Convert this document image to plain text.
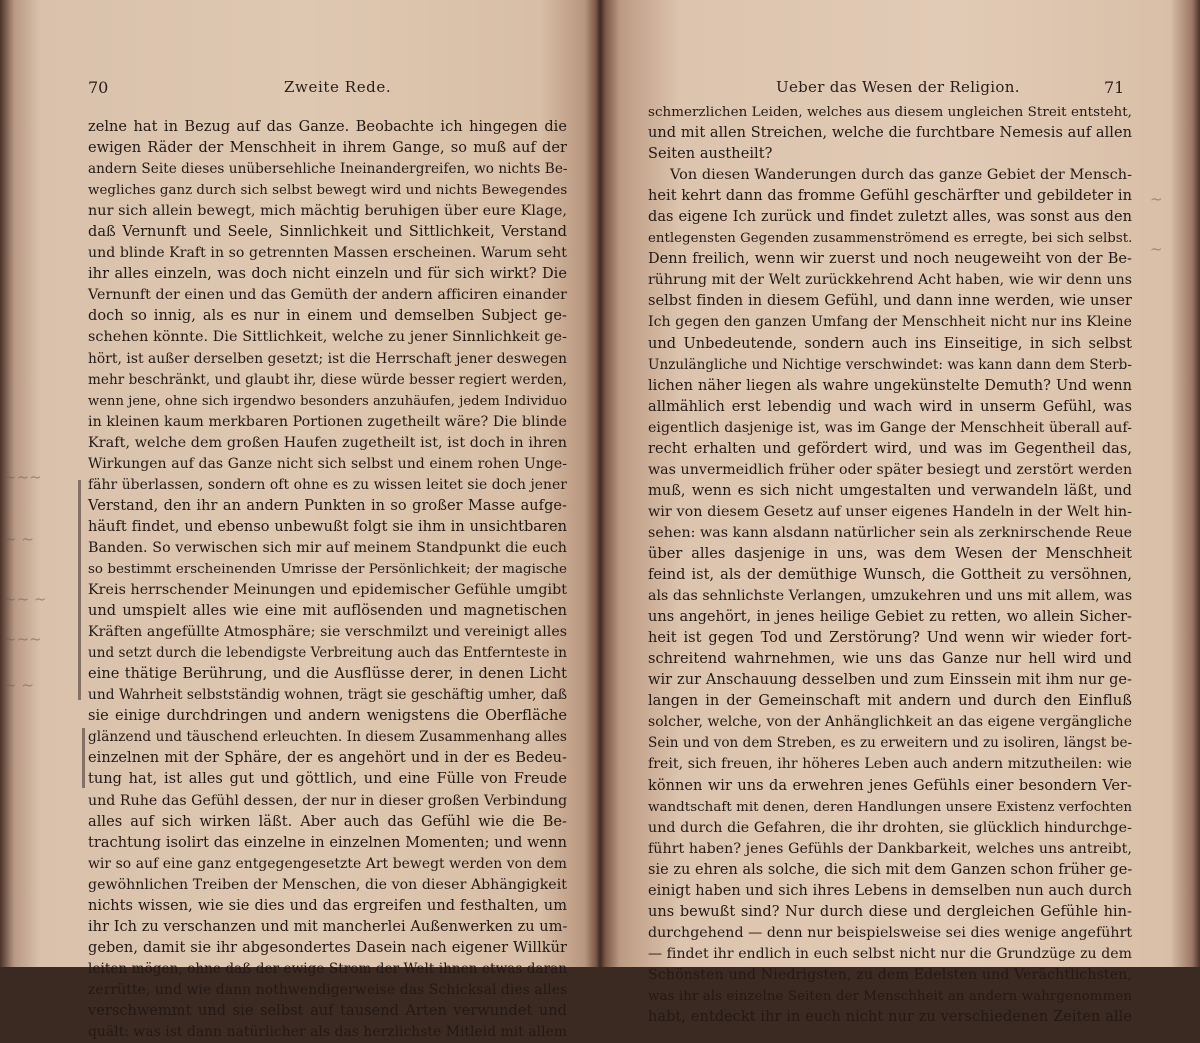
70	Zweite Rede.
zelne hat in Bezug auf das Ganze. Beobachte ich hingegen die
ewigen Räder der Menschheit in ihrem Gange, so muß auf der
andern Seite dieses unübersehliche Ineinandergreifen, wo nichts Be-
wegliches ganz durch sich selbst bewegt wird und nichts Bewegendes
nur sich allein bewegt, mich mächtig beruhigen über eure Klage,
daß Vernunft und Seele, Sinnlichkeit und Sittlichkeit, Verstand
und blinde Kraft in so getrennten Massen erscheinen. Warum seht
ihr alles einzeln, was doch nicht einzeln und für sich wirkt? Die
Vernunft der einen und das Gemüth der andern afficiren einander
doch so innig, als es nur in einem und demselben Subject ge-
schehen könnte. Die Sittlichkeit, welche zu jener Sinnlichkeit ge-
hört, ist außer derselben gesetzt; ist die Herrschaft jener deswegen
mehr beschränkt, und glaubt ihr, diese würde besser regiert werden,
wenn jene, ohne sich irgendwo besonders anzuhäufen, jedem Individuo
in kleinen kaum merkbaren Portionen zugetheilt wäre? Die blinde
Kraft, welche dem großen Haufen zugetheilt ist, ist doch in ihren
Wirkungen auf das Ganze nicht sich selbst und einem rohen Unge-
fähr überlassen, sondern oft ohne es zu wissen leitet sie doch jener
Verstand, den ihr an andern Punkten in so großer Masse aufge-
häuft findet, und ebenso unbewußt folgt sie ihm in unsichtbaren
Banden. So verwischen sich mir auf meinem Standpunkt die euch
so bestimmt erscheinenden Umrisse der Persönlichkeit; der magische
Kreis herrschender Meinungen und epidemischer Gefühle umgibt
und umspielt alles wie eine mit auflösenden und magnetischen
Kräften angefüllte Atmosphäre; sie verschmilzt und vereinigt alles
und setzt durch die lebendigste Verbreitung auch das Entfernteste in
eine thätige Berührung, und die Ausflüsse derer, in denen Licht
und Wahrheit selbstständig wohnen, trägt sie geschäftig umher, daß
sie einige durchdringen und andern wenigstens die Oberfläche
glänzend und täuschend erleuchten. In diesem Zusammenhang alles
einzelnen mit der Sphäre, der es angehört und in der es Bedeu-
tung hat, ist alles gut und göttlich, und eine Fülle von Freude
und Ruhe das Gefühl dessen, der nur in dieser großen Verbindung
alles auf sich wirken läßt. Aber auch das Gefühl wie die Be-
trachtung isolirt das einzelne in einzelnen Momenten; und wenn
wir so auf eine ganz entgegengesetzte Art bewegt werden von dem
gewöhnlichen Treiben der Menschen, die von dieser Abhängigkeit
nichts wissen, wie sie dies und das ergreifen und festhalten, um
ihr Ich zu verschanzen und mit mancherlei Außenwerken zu um-
geben, damit sie ihr abgesondertes Dasein nach eigener Willkür
leiten mögen, ohne daß der ewige Strom der Welt ihnen etwas daran
zerrütte, und wie dann nothwendigerweise das Schicksal dies alles
verschwemmt und sie selbst auf tausend Arten verwundet und
quält: was ist dann natürlicher als das herzlichste Mitleid mit allem
~~~
~ ~
~~ ~
~~~
~ ~
Ueber das Wesen der Religion.	71
schmerzlichen Leiden, welches aus diesem ungleichen Streit entsteht,
und mit allen Streichen, welche die furchtbare Nemesis auf allen
Seiten austheilt?
Von diesen Wanderungen durch das ganze Gebiet der Mensch-
heit kehrt dann das fromme Gefühl geschärfter und gebildeter in
das eigene Ich zurück und findet zuletzt alles, was sonst aus den
entlegensten Gegenden zusammenströmend es erregte, bei sich selbst.
Denn freilich, wenn wir zuerst und noch neugeweiht von der Be-
rührung mit der Welt zurückkehrend Acht haben, wie wir denn uns
selbst finden in diesem Gefühl, und dann inne werden, wie unser
Ich gegen den ganzen Umfang der Menschheit nicht nur ins Kleine
und Unbedeutende, sondern auch ins Einseitige, in sich selbst
Unzulängliche und Nichtige verschwindet: was kann dann dem Sterb-
lichen näher liegen als wahre ungekünstelte Demuth? Und wenn
allmählich erst lebendig und wach wird in unserm Gefühl, was
eigentlich dasjenige ist, was im Gange der Menschheit überall auf-
recht erhalten und gefördert wird, und was im Gegentheil das,
was unvermeidlich früher oder später besiegt und zerstört werden
muß, wenn es sich nicht umgestalten und verwandeln läßt, und
wir von diesem Gesetz auf unser eigenes Handeln in der Welt hin-
sehen: was kann alsdann natürlicher sein als zerknirschende Reue
über alles dasjenige in uns, was dem Wesen der Menschheit
feind ist, als der demüthige Wunsch, die Gottheit zu versöhnen,
als das sehnlichste Verlangen, umzukehren und uns mit allem, was
uns angehört, in jenes heilige Gebiet zu retten, wo allein Sicher-
heit ist gegen Tod und Zerstörung? Und wenn wir wieder fort-
schreitend wahrnehmen, wie uns das Ganze nur hell wird und
wir zur Anschauung desselben und zum Einssein mit ihm nur ge-
langen in der Gemeinschaft mit andern und durch den Einfluß
solcher, welche, von der Anhänglichkeit an das eigene vergängliche
Sein und von dem Streben, es zu erweitern und zu isoliren, längst be-
freit, sich freuen, ihr höheres Leben auch andern mitzutheilen: wie
können wir uns da erwehren jenes Gefühls einer besondern Ver-
wandtschaft mit denen, deren Handlungen unsere Existenz verfochten
und durch die Gefahren, die ihr drohten, sie glücklich hindurchge-
führt haben? jenes Gefühls der Dankbarkeit, welches uns antreibt,
sie zu ehren als solche, die sich mit dem Ganzen schon früher ge-
einigt haben und sich ihres Lebens in demselben nun auch durch
uns bewußt sind? Nur durch diese und dergleichen Gefühle hin-
durchgehend — denn nur beispielsweise sei dies wenige angeführt
— findet ihr endlich in euch selbst nicht nur die Grundzüge zu dem
Schönsten und Niedrigsten, zu dem Edelsten und Verächtlichsten,
was ihr als einzelne Seiten der Menschheit an andern wahrgenommen
habt, entdeckt ihr in euch nicht nur zu verschiedenen Zeiten alle
~
~
